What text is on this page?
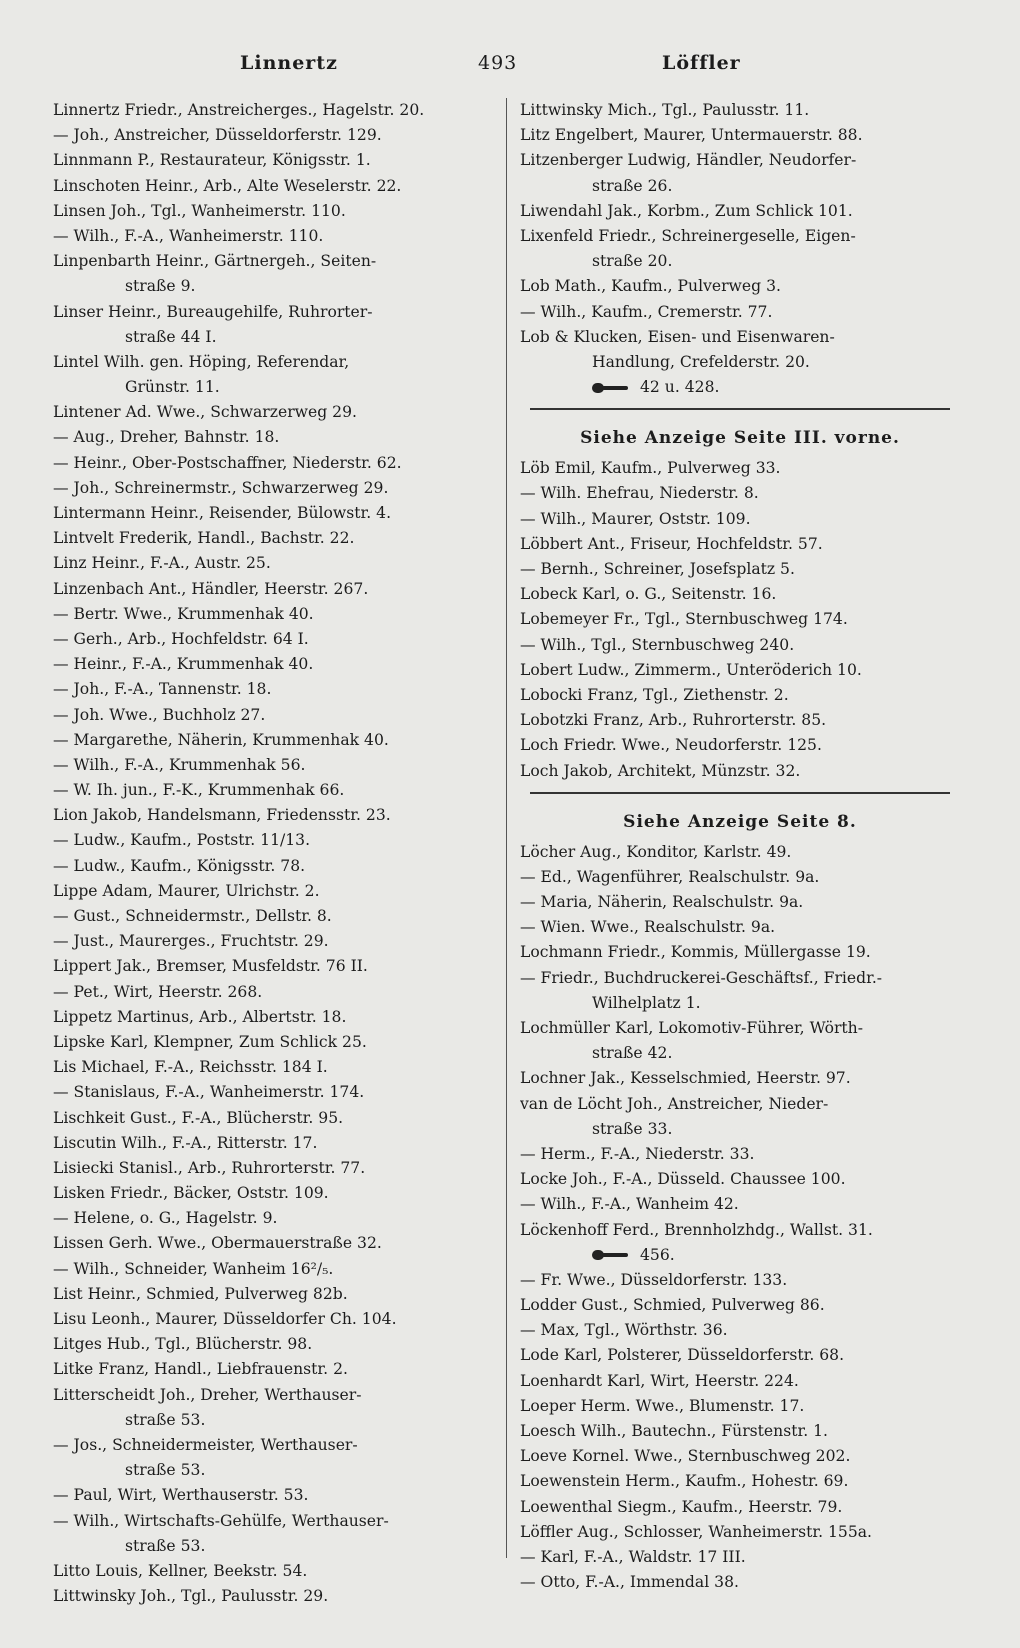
Linnertz	493	Löffler
Linnertz Friedr., Anstreicherges., Hagelstr. 20.
— Joh., Anstreicher, Düsseldorferstr. 129.
Linnmann P., Restaurateur, Königsstr. 1.
Linschoten Heinr., Arb., Alte Weselerstr. 22.
Linsen Joh., Tgl., Wanheimerstr. 110.
— Wilh., F.-A., Wanheimerstr. 110.
Linpenbarth Heinr., Gärtnergeh., Seiten-
straße 9.
Linser Heinr., Bureaugehilfe, Ruhrorter-
straße 44 I.
Lintel Wilh. gen. Höping, Referendar,
Grünstr. 11.
Lintener Ad. Wwe., Schwarzerweg 29.
— Aug., Dreher, Bahnstr. 18.
— Heinr., Ober-Postschaffner, Niederstr. 62.
— Joh., Schreinermstr., Schwarzerweg 29.
Lintermann Heinr., Reisender, Bülowstr. 4.
Lintvelt Frederik, Handl., Bachstr. 22.
Linz Heinr., F.-A., Austr. 25.
Linzenbach Ant., Händler, Heerstr. 267.
— Bertr. Wwe., Krummenhak 40.
— Gerh., Arb., Hochfeldstr. 64 I.
— Heinr., F.-A., Krummenhak 40.
— Joh., F.-A., Tannenstr. 18.
— Joh. Wwe., Buchholz 27.
— Margarethe, Näherin, Krummenhak 40.
— Wilh., F.-A., Krummenhak 56.
— W. Ih. jun., F.-K., Krummenhak 66.
Lion Jakob, Handelsmann, Friedensstr. 23.
— Ludw., Kaufm., Poststr. 11/13.
— Ludw., Kaufm., Königsstr. 78.
Lippe Adam, Maurer, Ulrichstr. 2.
— Gust., Schneidermstr., Dellstr. 8.
— Just., Maurerges., Fruchtstr. 29.
Lippert Jak., Bremser, Musfeldstr. 76 II.
— Pet., Wirt, Heerstr. 268.
Lippetz Martinus, Arb., Albertstr. 18.
Lipske Karl, Klempner, Zum Schlick 25.
Lis Michael, F.-A., Reichsstr. 184 I.
— Stanislaus, F.-A., Wanheimerstr. 174.
Lischkeit Gust., F.-A., Blücherstr. 95.
Liscutin Wilh., F.-A., Ritterstr. 17.
Lisiecki Stanisl., Arb., Ruhrorterstr. 77.
Lisken Friedr., Bäcker, Oststr. 109.
— Helene, o. G., Hagelstr. 9.
Lissen Gerh. Wwe., Obermauerstraße 32.
— Wilh., Schneider, Wanheim 16²/₅.
List Heinr., Schmied, Pulverweg 82b.
Lisu Leonh., Maurer, Düsseldorfer Ch. 104.
Litges Hub., Tgl., Blücherstr. 98.
Litke Franz, Handl., Liebfrauenstr. 2.
Litterscheidt Joh., Dreher, Werthauser-
straße 53.
— Jos., Schneidermeister, Werthauser-
straße 53.
— Paul, Wirt, Werthauserstr. 53.
— Wilh., Wirtschafts-Gehülfe, Werthauser-
straße 53.
Litto Louis, Kellner, Beekstr. 54.
Littwinsky Joh., Tgl., Paulusstr. 29.
Littwinsky Mich., Tgl., Paulusstr. 11.
Litz Engelbert, Maurer, Untermauerstr. 88.
Litzenberger Ludwig, Händler, Neudorfer-
straße 26.
Liwendahl Jak., Korbm., Zum Schlick 101.
Lixenfeld Friedr., Schreinergeselle, Eigen-
straße 20.
Lob Math., Kaufm., Pulverweg 3.
— Wilh., Kaufm., Cremerstr. 77.
Lob & Klucken, Eisen- und Eisenwaren-
Handlung, Crefelderstr. 20.
42 u. 428.
Siehe Anzeige Seite III. vorne.
Löb Emil, Kaufm., Pulverweg 33.
— Wilh. Ehefrau, Niederstr. 8.
— Wilh., Maurer, Oststr. 109.
Löbbert Ant., Friseur, Hochfeldstr. 57.
— Bernh., Schreiner, Josefsplatz 5.
Lobeck Karl, o. G., Seitenstr. 16.
Lobemeyer Fr., Tgl., Sternbuschweg 174.
— Wilh., Tgl., Sternbuschweg 240.
Lobert Ludw., Zimmerm., Unteröderich 10.
Lobocki Franz, Tgl., Ziethenstr. 2.
Lobotzki Franz, Arb., Ruhrorterstr. 85.
Loch Friedr. Wwe., Neudorferstr. 125.
Loch Jakob, Architekt, Münzstr. 32.
Siehe Anzeige Seite 8.
Löcher Aug., Konditor, Karlstr. 49.
— Ed., Wagenführer, Realschulstr. 9a.
— Maria, Näherin, Realschulstr. 9a.
— Wien. Wwe., Realschulstr. 9a.
Lochmann Friedr., Kommis, Müllergasse 19.
— Friedr., Buchdruckerei-Geschäftsf., Friedr.-
Wilhelplatz 1.
Lochmüller Karl, Lokomotiv-Führer, Wörth-
straße 42.
Lochner Jak., Kesselschmied, Heerstr. 97.
van de Löcht Joh., Anstreicher, Nieder-
straße 33.
— Herm., F.-A., Niederstr. 33.
Locke Joh., F.-A., Düsseld. Chaussee 100.
— Wilh., F.-A., Wanheim 42.
Löckenhoff Ferd., Brennholzhdg., Wallst. 31.
456.
— Fr. Wwe., Düsseldorferstr. 133.
Lodder Gust., Schmied, Pulverweg 86.
— Max, Tgl., Wörthstr. 36.
Lode Karl, Polsterer, Düsseldorferstr. 68.
Loenhardt Karl, Wirt, Heerstr. 224.
Loeper Herm. Wwe., Blumenstr. 17.
Loesch Wilh., Bautechn., Fürstenstr. 1.
Loeve Kornel. Wwe., Sternbuschweg 202.
Loewenstein Herm., Kaufm., Hohestr. 69.
Loewenthal Siegm., Kaufm., Heerstr. 79.
Löffler Aug., Schlosser, Wanheimerstr. 155a.
— Karl, F.-A., Waldstr. 17 III.
— Otto, F.-A., Immendal 38.
